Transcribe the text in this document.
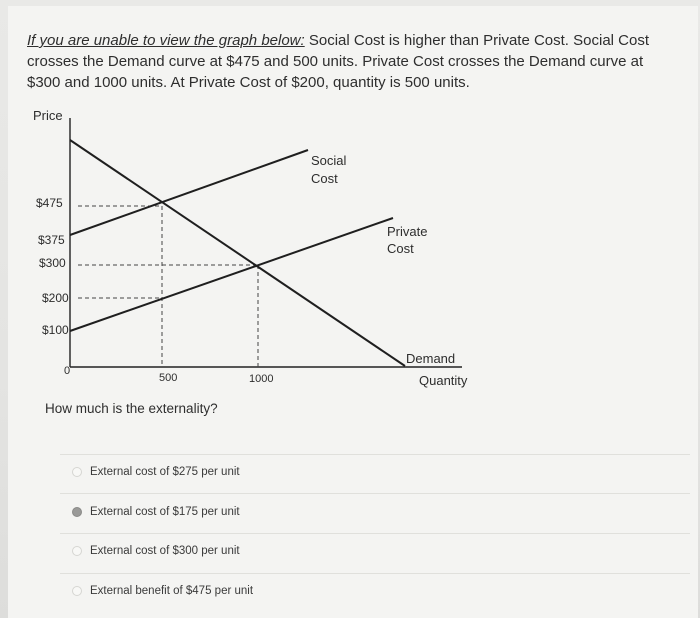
If you are unable to view the graph below: Social Cost is higher than Private Cost. Social Cost crosses the Demand curve at $475 and 500 units. Private Cost crosses the Demand curve at $300 and 1000 units. At Private Cost of $200, quantity is 500 units.
Price
Quantity
$475
$375
$300
$200
$100
0
500	1000
Social
Cost
Private
Cost
Demand
How much is the externality?
External cost of $275 per unit
External cost of $175 per unit
External cost of $300 per unit
External benefit of $475 per unit
